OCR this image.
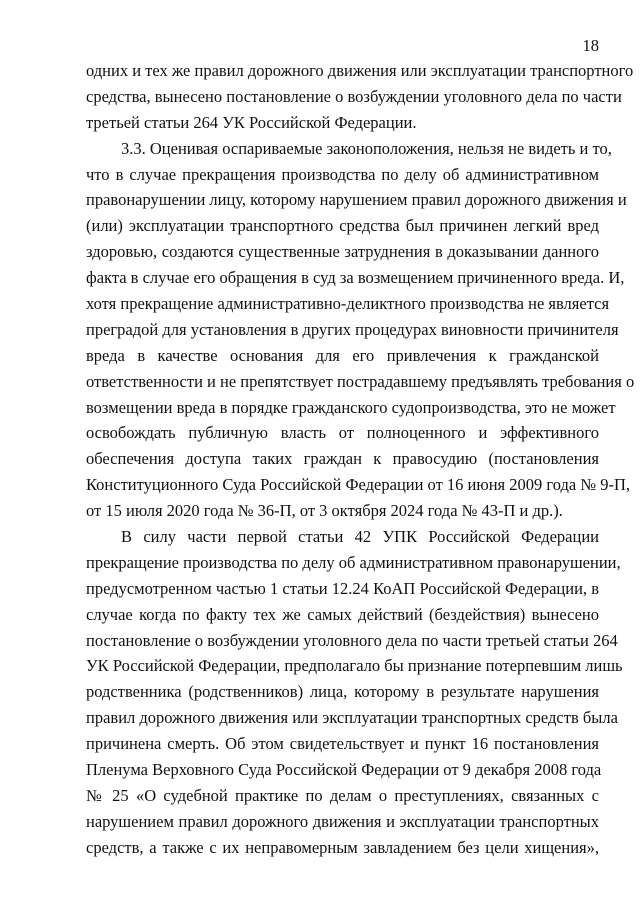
18
одних и тех же правил дорожного движения или эксплуатации транспортного
средства, вынесено постановление о возбуждении уголовного дела по части
третьей статьи 264 УК Российской Федерации.
3.3. Оценивая оспариваемые законоположения, нельзя не видеть и то,
что в случае прекращения производства по делу об административном
правонарушении лицу, которому нарушением правил дорожного движения и
(или) эксплуатации транспортного средства был причинен легкий вред
здоровью, создаются существенные затруднения в доказывании данного
факта в случае его обращения в суд за возмещением причиненного вреда. И,
хотя прекращение административно-деликтного производства не является
преградой для установления в других процедурах виновности причинителя
вреда в качестве основания для его привлечения к гражданской
ответственности и не препятствует пострадавшему предъявлять требования о
возмещении вреда в порядке гражданского судопроизводства, это не может
освобождать публичную власть от полноценного и эффективного
обеспечения доступа таких граждан к правосудию (постановления
Конституционного Суда Российской Федерации от 16 июня 2009 года № 9-П,
от 15 июля 2020 года № 36-П, от 3 октября 2024 года № 43-П и др.).
В силу части первой статьи 42 УПК Российской Федерации
прекращение производства по делу об административном правонарушении,
предусмотренном частью 1 статьи 12.24 КоАП Российской Федерации, в
случае когда по факту тех же самых действий (бездействия) вынесено
постановление о возбуждении уголовного дела по части третьей статьи 264
УК Российской Федерации, предполагало бы признание потерпевшим лишь
родственника (родственников) лица, которому в результате нарушения
правил дорожного движения или эксплуатации транспортных средств была
причинена смерть. Об этом свидетельствует и пункт 16 постановления
Пленума Верховного Суда Российской Федерации от 9 декабря 2008 года
№ 25 «О судебной практике по делам о преступлениях, связанных с
нарушением правил дорожного движения и эксплуатации транспортных
средств, а также с их неправомерным завладением без цели хищения»,
